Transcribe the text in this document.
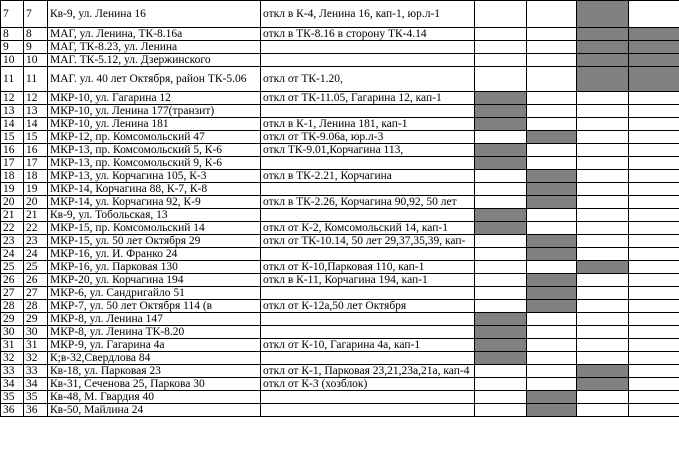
7	7	Кв-9, ул. Ленина 16	откл в К-4, Ленина 16, кап-1, юр.л-1				
8	8	МАГ, ул. Ленина, ТК-8.16а	откл в ТК-8.16 в сторону ТК-4.14				
9	9	МАГ, ТК-8.23, ул. Ленина					
10	10	МАГ. ТК-5.12, ул. Дзержинского					
11	11	МАГ. ул. 40 лет Октября, район ТК-5.06	откл от ТК-1.20,				
12	12	МКР-10, ул. Гагарина 12	откл от ТК-11.05, Гагарина 12, кап-1				
13	13	МКР-10, ул. Ленина 177(транзит)					
14	14	МКР-10, ул. Ленина 181	откл в К-1, Ленина 181, кап-1				
15	15	МКР-12, пр. Комсомольский 47	откл от ТК-9.06а, юр.л-3				
16	16	МКР-13, пр. Комсомольский 5, К-6	откл ТК-9.01,Корчагина 113,				
17	17	МКР-13, пр. Комсомольский 9, К-6					
18	18	МКР-13, ул. Корчагина 105, К-3	откл в ТК-2.21, Корчагина				
19	19	МКР-14, Корчагина 88, К-7, К-8					
20	20	МКР-14, ул. Корчагина 92, К-9	откл в ТК-2.26, Корчагина 90,92, 50 лет				
21	21	Кв-9, ул. Тобольская, 13					
22	22	МКР-15, пр. Комсомольский 14	откл от К-2, Комсомольский 14, кап-1				
23	23	МКР-15, ул. 50 лет Октября 29	откл от ТК-10.14, 50 лет 29,37,35,39, кап-				
24	24	МКР-16, ул. И. Франко 24					
25	25	МКР-16, ул. Парковая 130	откл от К-10,Парковая 110, кап-1				
26	26	МКР-20, ул. Корчагина 194	откл в К-11, Корчагина 194, кап-1				
27	27	МКР-6, ул. Сандригайло 51					
28	28	МКР-7, ул. 50 лет Октября 114 (в	откл от К-12а,50 лет Октября				
29	29	МКР-8, ул. Ленина 147					
30	30	МКР-8, ул. Ленина ТК-8.20					
31	31	МКР-9, ул. Гагарина 4а	откл от К-10, Гагарина 4а, кап-1				
32	32	К;в-32,Свердлова 84					
33	33	Кв-18, ул. Парковая 23	откл от К-1, Парковая 23,21,23а,21а, кап-4				
34	34	Кв-31, Сеченова 25, Паркова 30	откл от К-3 (хозблок)				
35	35	Кв-48, М. Гвардия 40					
36	36	Кв-50, Майлина 24					
